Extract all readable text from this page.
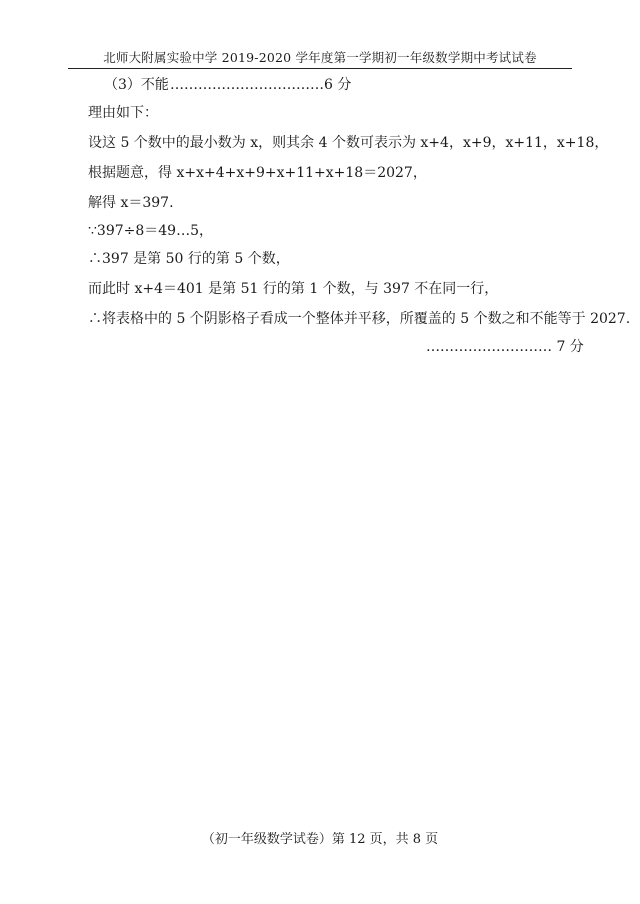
北师大附属实验中学 2019-2020 学年度第一学期初一年级数学期中考试试卷
（3）不能 ……………………………6 分
理由如下：
设这 5 个数中的最小数为 x，则其余 4 个数可表示为 x+4，x+9，x+11，x+18，
根据题意，得 x+x+4+x+9+x+11+x+18＝2027，
解得 x＝397.
∵397÷8＝49…5，
∴397 是第 50 行的第 5 个数，
而此时 x+4＝401 是第 51 行的第 1 个数，与 397 不在同一行，
∴将表格中的 5 个阴影格子看成一个整体并平移，所覆盖的 5 个数之和不能等于 2027.
……………………… 7 分
（初一年级数学试卷）第 12 页，共 8 页
